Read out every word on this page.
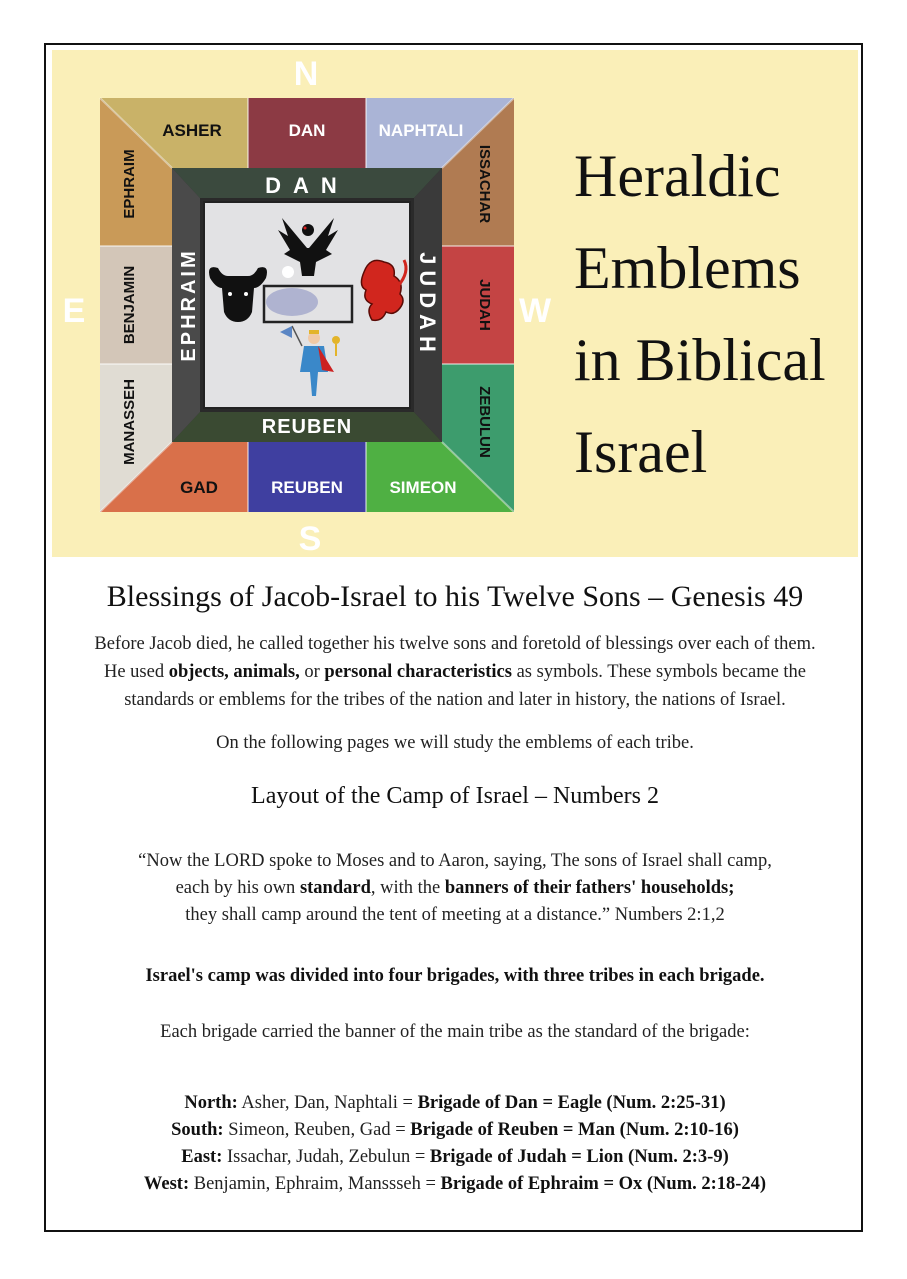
N
S
E	W
ASHER	DAN	NAPHTALI
GAD	REUBEN	SIMEON
EPHRAIM
BENJAMIN
MANASSEH
ISSACHAR
JUDAH
ZEBULUN
DAN
REUBEN
EPHRAIM	JUDAH
Heraldic
Emblems
in Biblical
Israel
Blessings of Jacob-Israel to his Twelve Sons – Genesis 49
Before Jacob died, he called together his twelve sons and foretold of blessings over each of them.
He used objects, animals, or personal characteristics as symbols. These symbols became the
standards or emblems for the tribes of the nation and later in history, the nations of Israel.
On the following pages we will study the emblems of each tribe.
Layout of the Camp of Israel – Numbers 2
“Now the LORD spoke to Moses and to Aaron, saying, The sons of Israel shall camp,
each by his own standard, with the banners of their fathers' households;
they shall camp around the tent of meeting at a distance.” Numbers 2:1,2
Israel's camp was divided into four brigades, with three tribes in each brigade.
Each brigade carried the banner of the main tribe as the standard of the brigade:
North: Asher, Dan, Naphtali = Brigade of Dan = Eagle (Num. 2:25-31)
South: Simeon, Reuben, Gad = Brigade of Reuben = Man (Num. 2:10-16)
East: Issachar, Judah, Zebulun = Brigade of Judah = Lion (Num. 2:3-9)
West: Benjamin, Ephraim, Manssseh = Brigade of Ephraim = Ox (Num. 2:18-24)
